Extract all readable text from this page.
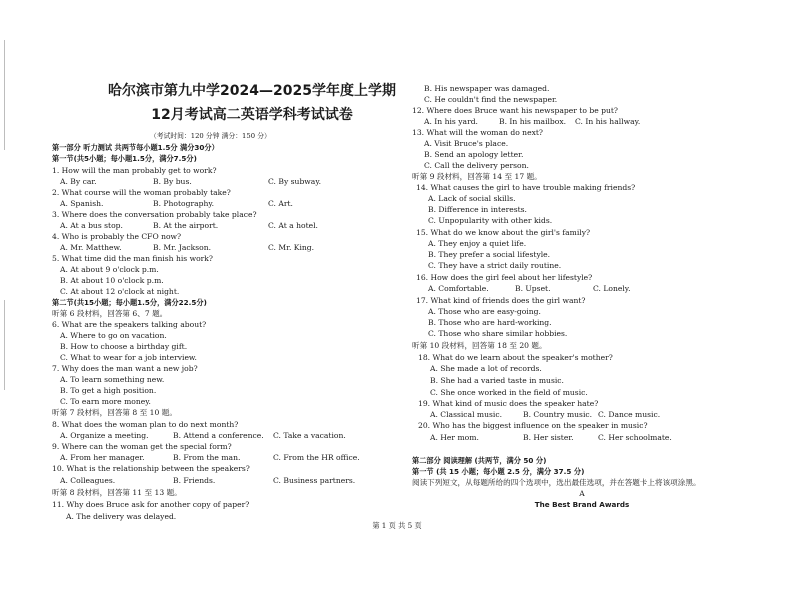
哈尔滨市第九中学2024—2025学年度上学期
12月考试高二英语学科考试试卷
（考试时间：120 分钟 满分：150 分）
第一部分 听力测试 共两节每小题1.5分 满分30分）
第一节(共5小题；每小题1.5分，满分7.5分)
1. How will the man probably get to work?
A. By car.	B. By bus.	C. By subway.
2. What course will the woman probably take?
A. Spanish.	B. Photography.	C. Art.
3. Where does the conversation probably take place?
A. At a bus stop.	B. At the airport.	C. At a hotel.
4. Who is probably the CFO now?
A. Mr. Matthew.	B. Mr. Jackson.	C. Mr. King.
5. What time did the man finish his work?
A. At about 9 o'clock p.m.
B. At about 10 o'clock p.m.
C. At about 12 o'clock at night.
第二节(共15小题；每小题1.5分，满分22.5分)
听第 6 段材料，回答第 6、7 题。
6. What are the speakers talking about?
A. Where to go on vacation.
B. How to choose a birthday gift.
C. What to wear for a job interview.
7. Why does the man want a new job?
A. To learn something new.
B. To get a high position.
C. To earn more money.
听第 7 段材料，回答第 8 至 10 题。
8. What does the woman plan to do next month?
A. Organize a meeting.	B. Attend a conference. C. Take a vacation.
9. Where can the woman get the special form?
A. From her manager.	B. From the man.	C. From the HR office.
10. What is the relationship between the speakers?
A. Colleagues.	B. Friends.	C. Business partners.
听第 8 段材料，回答第 11 至 13 题。
11. Why does Bruce ask for another copy of paper?
A. The delivery was delayed.
B. His newspaper was damaged.
C. He couldn't find the newspaper.
12. Where does Bruce want his newspaper to be put?
A. In his yard.	B. In his mailbox. C. In his hallway.
13. What will the woman do next?
A. Visit Bruce's place.
B. Send an apology letter.
C. Call the delivery person.
听第 9 段材料，回答第 14 至 17 题。
14. What causes the girl to have trouble making friends?
A. Lack of social skills.
B. Difference in interests.
C. Unpopularity with other kids.
15. What do we know about the girl's family?
A. They enjoy a quiet life.
B. They prefer a social lifestyle.
C. They have a strict daily routine.
16. How does the girl feel about her lifestyle?
A. Comfortable.	B. Upset.	C. Lonely.
17. What kind of friends does the girl want?
A. Those who are easy-going.
B. Those who are hard-working.
C. Those who share similar hobbies.
听第 10 段材料，回答第 18 至 20 题。
18. What do we learn about the speaker's mother?
A. She made a lot of records.
B. She had a varied taste in music.
C. She once worked in the field of music.
19. What kind of music does the speaker hate?
A. Classical music.	B. Country music. C. Dance music.
20. Who has the biggest influence on the speaker in music?
A. Her mom.	B. Her sister.	C. Her schoolmate.
第二部分 阅读理解 (共两节，满分 50 分)
第一节 (共 15 小题；每小题 2.5 分，满分 37.5 分)
阅读下列短文，从每题所给的四个选项中，选出最佳选项，并在答题卡上将该项涂黑。
A
The Best Brand Awards
第 1 页 共 5 页
